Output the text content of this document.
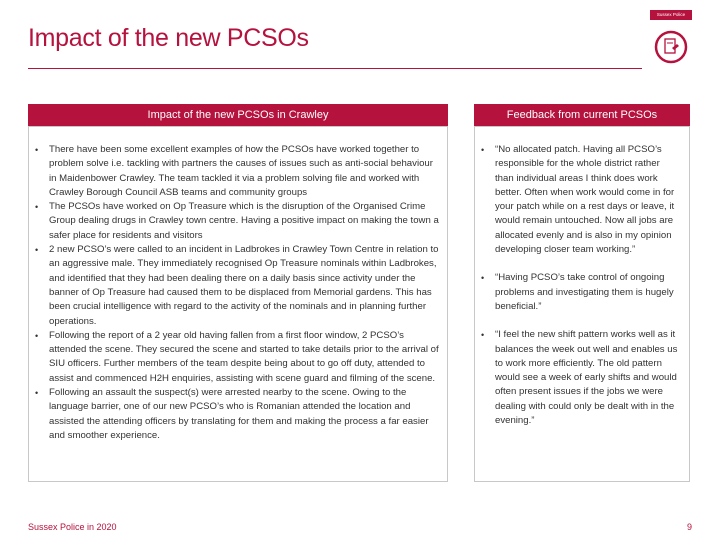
Impact of the new PCSOs
Sussex Police
Impact of the new PCSOs in Crawley
• There have been some excellent examples of how the PCSOs have worked together to problem solve i.e. tackling with partners the causes of issues such as anti-social behaviour in Maidenbower Crawley. The team tackled it via a problem solving file and worked with Crawley Borough Council ASB teams and community groups
• The PCSOs have worked on Op Treasure which is the disruption of the Organised Crime Group dealing drugs in Crawley town centre. Having a positive impact on making the town a safer place for residents and visitors
• 2 new PCSO’s were called to an incident in Ladbrokes in Crawley Town Centre in relation to an aggressive male. They immediately recognised Op Treasure nominals within Ladbrokes, and identified that they had been dealing there on a daily basis since activity under the banner of Op Treasure had caused them to be displaced from Memorial gardens. This has been crucial intelligence with regard to the activity of the nominals and in planning further operations.
• Following the report of a 2 year old having fallen from a first floor window, 2 PCSO’s attended the scene. They secured the scene and started to take details prior to the arrival of SIU officers. Further members of the team despite being about to go off duty, attended to assist and commenced H2H enquiries, assisting with scene guard and filming of the scene.
• Following an assault the suspect(s) were arrested nearby to the scene. Owing to the language barrier, one of our new PCSO’s who is Romanian attended the location and assisted the attending officers by translating for them and making the process a far easier and smoother experience.
Feedback from current PCSOs
• “No allocated patch. Having all PCSO’s responsible for the whole district rather than individual areas I think does work better. Often when work would come in for your patch while on a rest days or leave, it would remain untouched. Now all jobs are allocated evenly and is also in my opinion developing closer team working.”
• “Having PCSO’s take control of ongoing problems and investigating them is hugely beneficial.”
• “I feel the new shift pattern works well as it balances the week out well and enables us to work more efficiently. The old pattern would see a week of early shifts and would often present issues if the jobs we were dealing with could only be dealt with in the evening.”
Sussex Police in 2020	9
